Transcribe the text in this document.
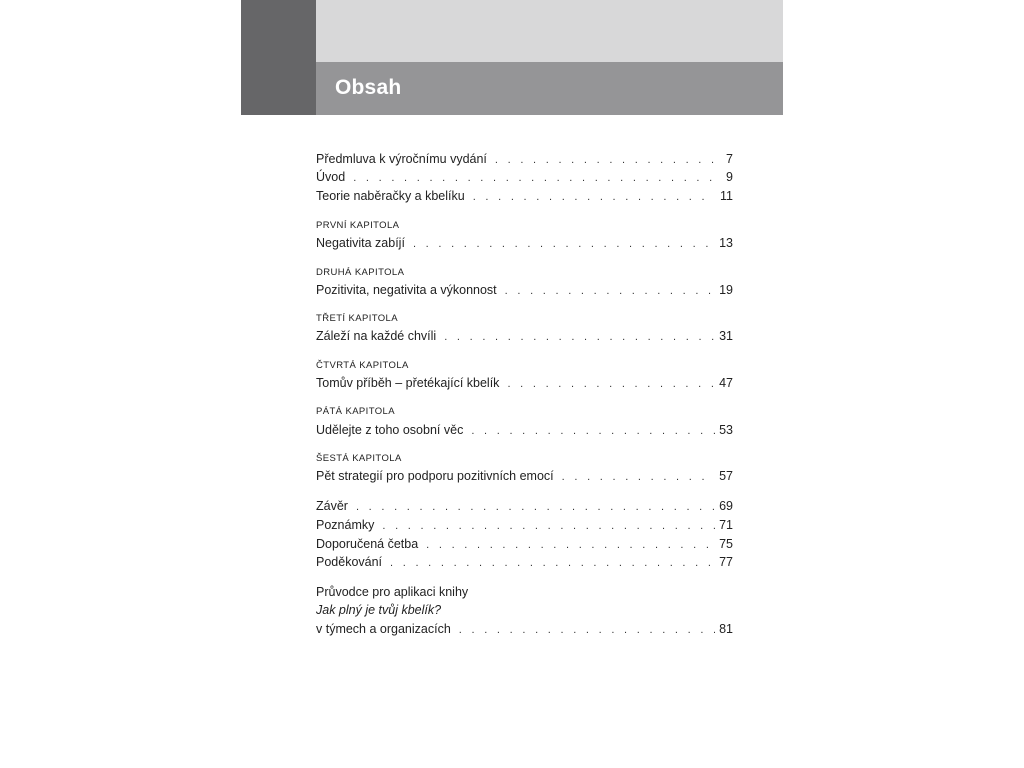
Obsah
Předmluva k výročnímu vydání . . .	7
Úvod . . .	9
Teorie naběračky a kbelíku . . .	11
PRVNÍ KAPITOLA
Negativita zabíjí . . .	13
DRUHÁ KAPITOLA
Pozitivita, negativita a výkonnost . . .	19
TŘETÍ KAPITOLA
Záleží na každé chvíli . . .	31
ČTVRTÁ KAPITOLA
Tomův příběh – přetékající kbelík . . .	47
PÁTÁ KAPITOLA
Udělejte z toho osobní věc . . .	53
ŠESTÁ KAPITOLA
Pět strategií pro podporu pozitivních emocí . . .	57
Závěr . . .	69
Poznámky . . .	71
Doporučená četba . . .	75
Poděkování . . .	77
Průvodce pro aplikaci knihy
Jak plný je tvůj kbelík?
v týmech a organizacích . . .	81
